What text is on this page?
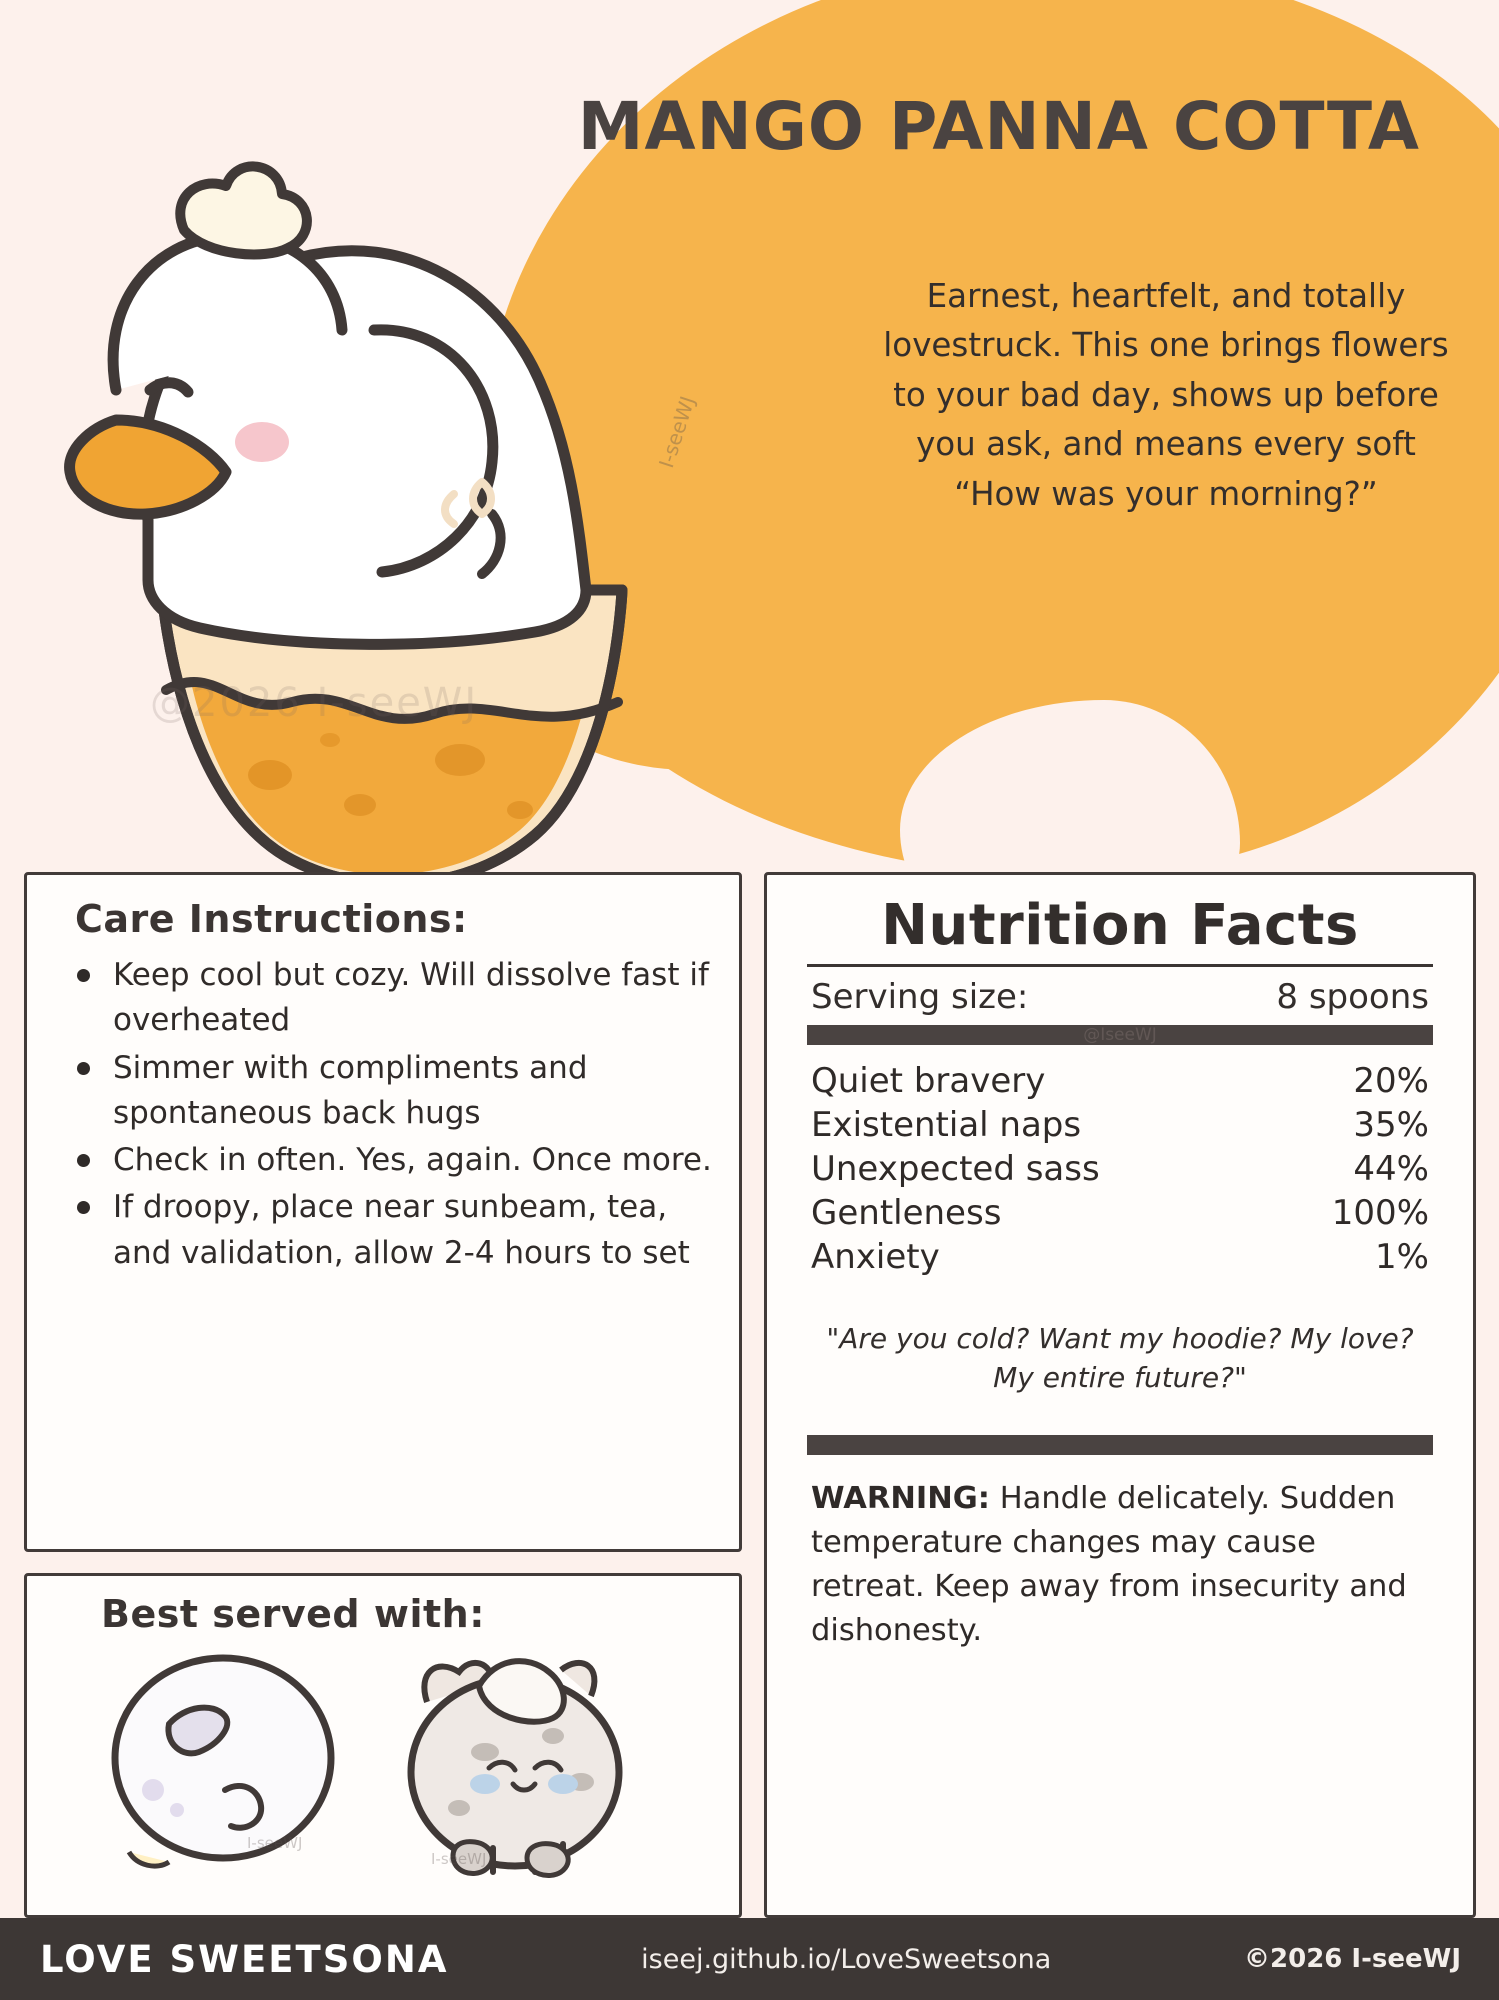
I-seeWJ
@2026 I-seeWJ
MANGO PANNA COTTA

Earnest, heartfelt, and totally lovestruck. This one brings flowers to your bad day, shows up before you ask, and means every soft “How was your morning?”

Care Instructions:
Keep cool but cozy. Will dissolve fast if overheated
Simmer with compliments and spontaneous back hugs
Check in often. Yes, again. Once more.
If droopy, place near sunbeam, tea, and validation, allow 2-4 hours to set
Best served with:
I-seeWJ
I-seeWJ
Nutrition Facts
Serving size:	8 spoons
@IseeWJ
Quiet bravery	20%
Existential naps	35%
Unexpected sass	44%
Gentleness	100%
Anxiety	1%
"Are you cold? Want my hoodie? My love? My entire future?"

WARNING: Handle delicately. Sudden temperature changes may cause retreat. Keep away from insecurity and dishonesty.

LOVE SWEETSONA	iseej.github.io/LoveSweetsona	©2026 I-seeWJ
